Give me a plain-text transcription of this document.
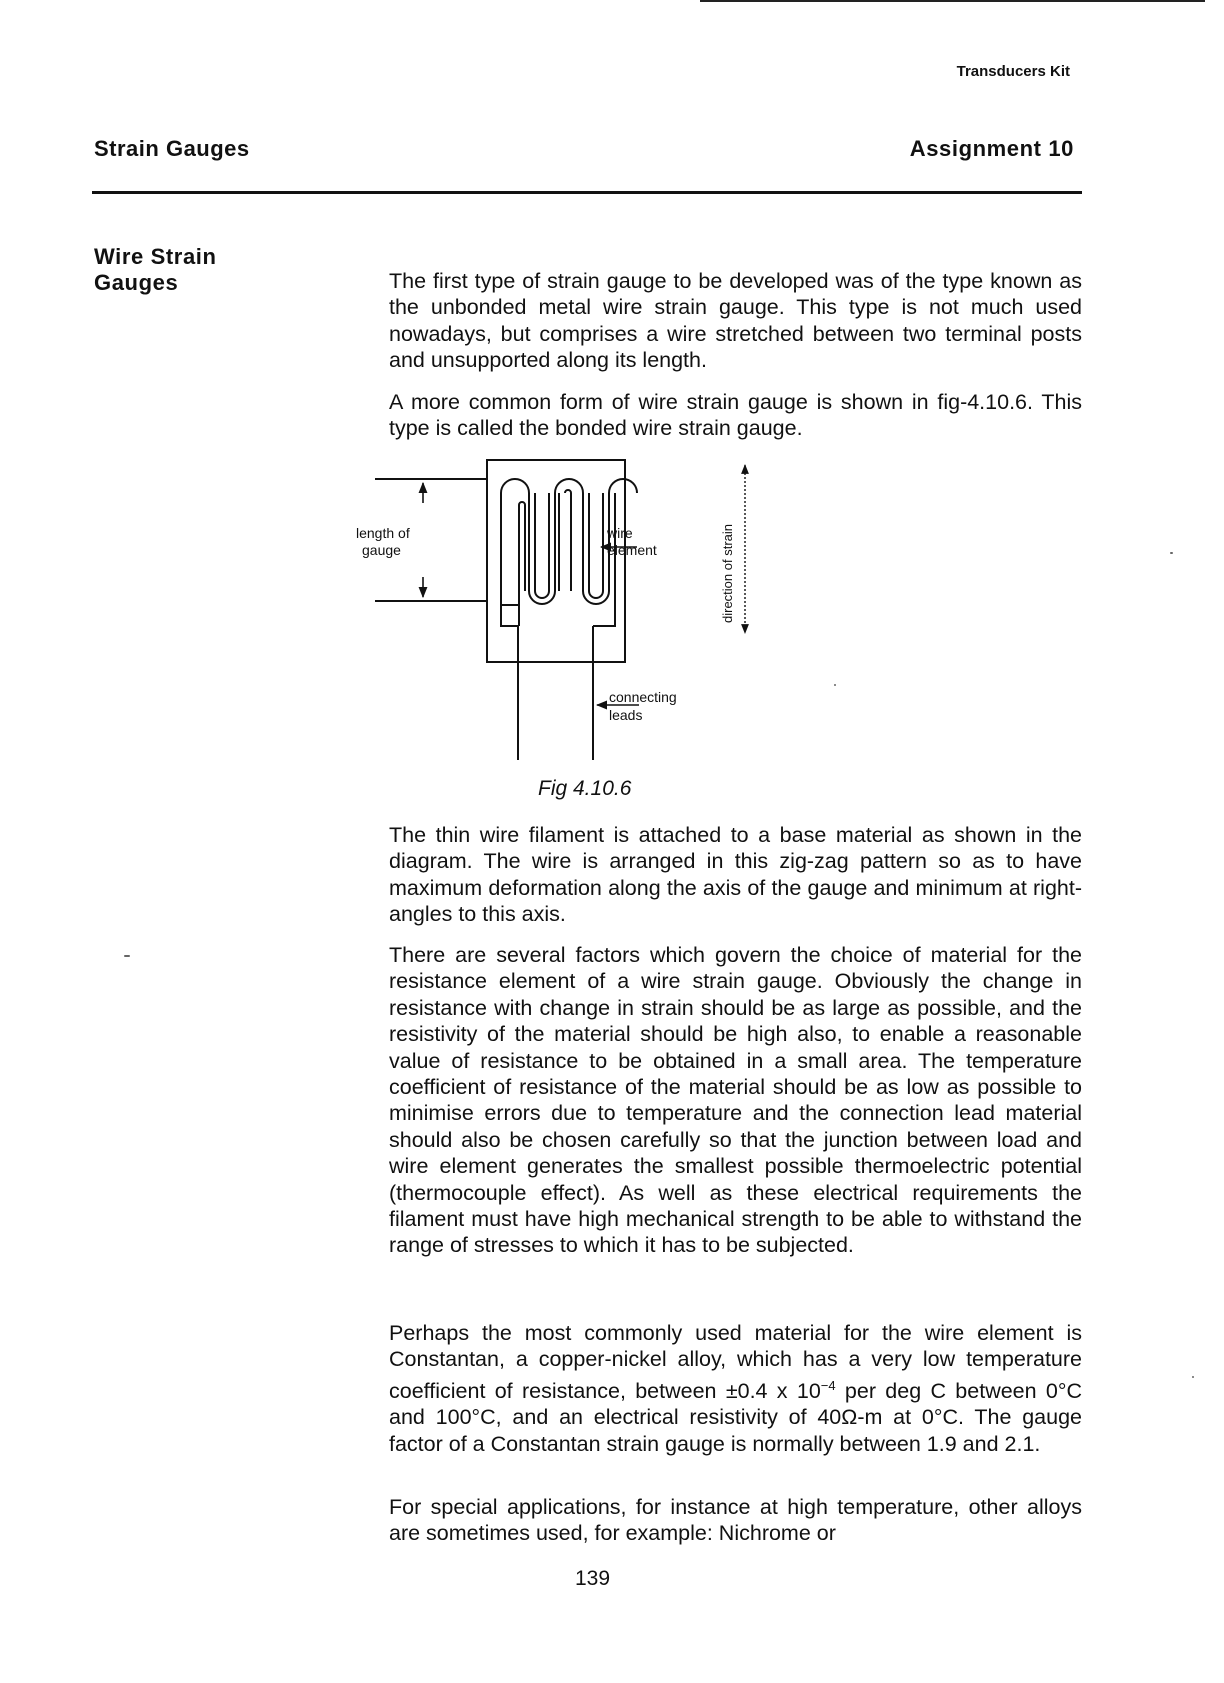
Transducers Kit
Strain Gauges	Assignment 10
Wire Strain
Gauges	The first type of strain gauge to be developed was of the type known as the unbonded metal wire strain gauge. This type is not much used nowadays, but comprises a wire stretched between two terminal posts and unsupported along its length.

A more common form of wire strain gauge is shown in fig-4.10.6. This type is called the bonded wire strain gauge.

length of
gauge
wire
element
connecting
leads
direction of strain
Fig 4.10.6

The thin wire filament is attached to a base material as shown in the diagram. The wire is arranged in this zig-zag pattern so as to have maximum deformation along the axis of the gauge and minimum at right-angles to this axis.

There are several factors which govern the choice of material for the resistance element of a wire strain gauge. Obviously the change in resistance with change in strain should be as large as possible, and the resistivity of the material should be high also, to enable a reasonable value of resistance to be obtained in a small area. The temperature coefficient of resistance of the material should be as low as possible to minimise errors due to temperature and the connection lead material should also be chosen carefully so that the junction between load and wire element generates the smallest possible thermoelectric potential (thermocouple effect). As well as these electrical requirements the filament must have high mechanical strength to be able to withstand the range of stresses to which it has to be subjected.

Perhaps the most commonly used material for the wire element is Constantan, a copper-nickel alloy, which has a very low temperature coefficient of resistance, between ±0.4 x $10^{-4}$ per deg C between 0°C and 100°C, and an electrical resistivity of 40Ω-m at 0°C. The gauge factor of a Constantan strain gauge is normally between 1.9 and 2.1.

For special applications, for instance at high temperature, other alloys are sometimes used, for example: Nichrome or

139
